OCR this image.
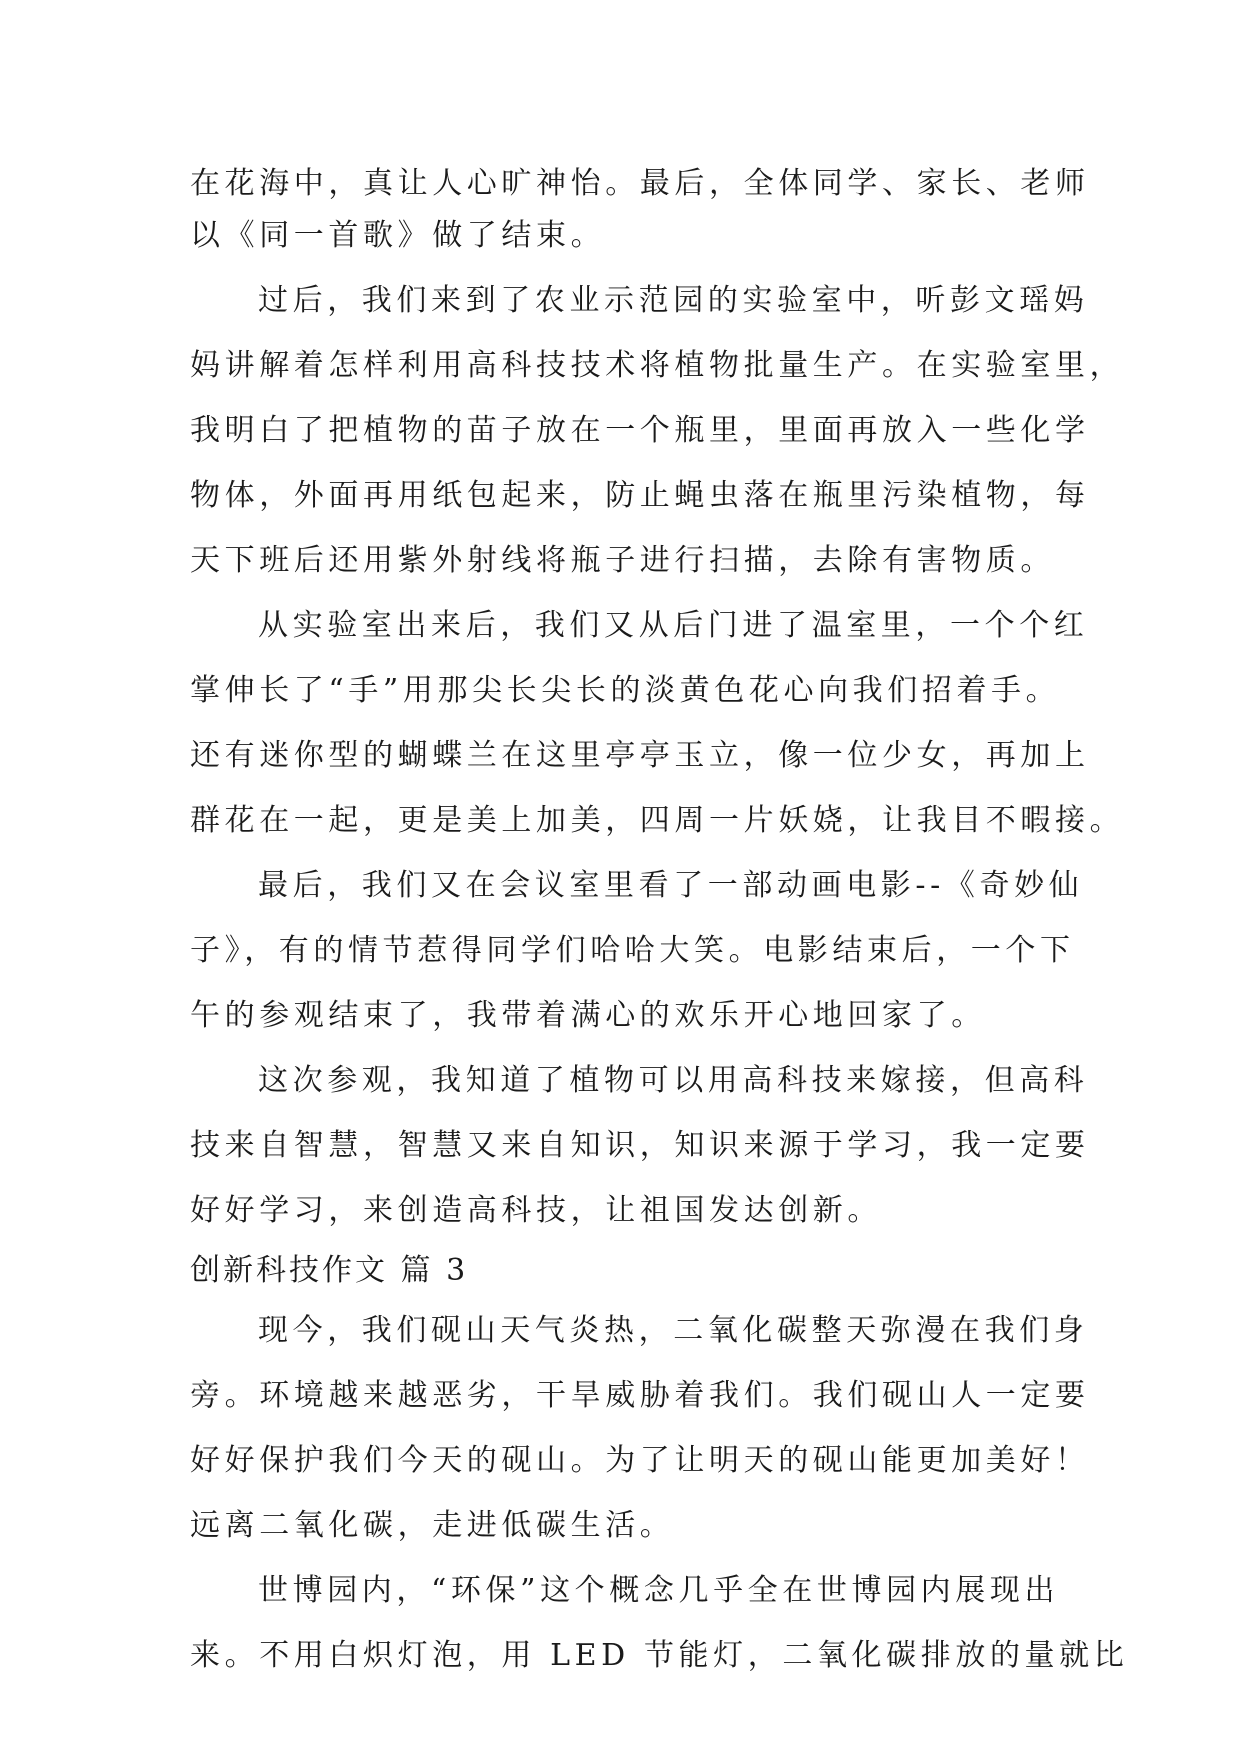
在花海中，真让人心旷神怡。最后，全体同学、家长、老师
以《同一首歌》做了结束。
过后，我们来到了农业示范园的实验室中，听彭文瑶妈
妈讲解着怎样利用高科技技术将植物批量生产。在实验室里，
我明白了把植物的苗子放在一个瓶里，里面再放入一些化学
物体，外面再用纸包起来，防止蝇虫落在瓶里污染植物，每
天下班后还用紫外射线将瓶子进行扫描，去除有害物质。
从实验室出来后，我们又从后门进了温室里，一个个红
掌伸长了“手”用那尖长尖长的淡黄色花心向我们招着手。
还有迷你型的蝴蝶兰在这里亭亭玉立，像一位少女，再加上
群花在一起，更是美上加美，四周一片妖娆，让我目不暇接。
最后，我们又在会议室里看了一部动画电影--《奇妙仙
子》，有的情节惹得同学们哈哈大笑。电影结束后，一个下
午的参观结束了，我带着满心的欢乐开心地回家了。
这次参观，我知道了植物可以用高科技来嫁接，但高科
技来自智慧，智慧又来自知识，知识来源于学习，我一定要
好好学习，来创造高科技，让祖国发达创新。
创新科技作文 篇 3
现今，我们砚山天气炎热，二氧化碳整天弥漫在我们身
旁。环境越来越恶劣，干旱威胁着我们。我们砚山人一定要
好好保护我们今天的砚山。为了让明天的砚山能更加美好！
远离二氧化碳，走进低碳生活。
世博园内，“环保”这个概念几乎全在世博园内展现出
来。不用白炽灯泡，用 LED 节能灯，二氧化碳排放的量就比
